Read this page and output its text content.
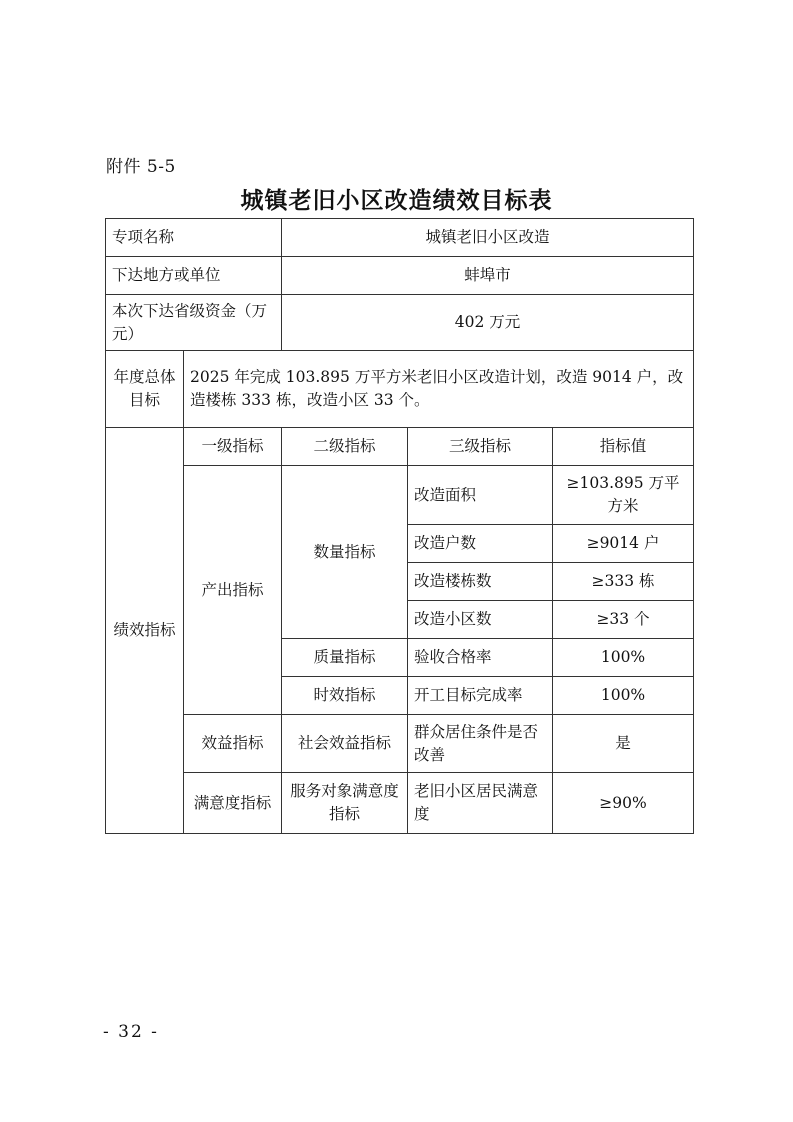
附件 5-5
城镇老旧小区改造绩效目标表
专项名称		城镇老旧小区改造		
下达地方或单位		蚌埠市		
本次下达省级资金（万元）		402 万元		
年度总体目标	2025 年完成 103.895 万平方米老旧小区改造计划，改造 9014 户，改造楼栋 333 栋，改造小区 33 个。			
绩效指标	一级指标	二级指标	三级指标	指标值
	产出指标	数量指标	改造面积	≥103.895 万平方米
			改造户数	≥9014 户
			改造楼栋数	≥333 栋
			改造小区数	≥33 个
		质量指标	验收合格率	100%
		时效指标	开工目标完成率	100%
	效益指标	社会效益指标	群众居住条件是否改善	是
	满意度指标	服务对象满意度指标	老旧小区居民满意度	≥90%
- 32 -
